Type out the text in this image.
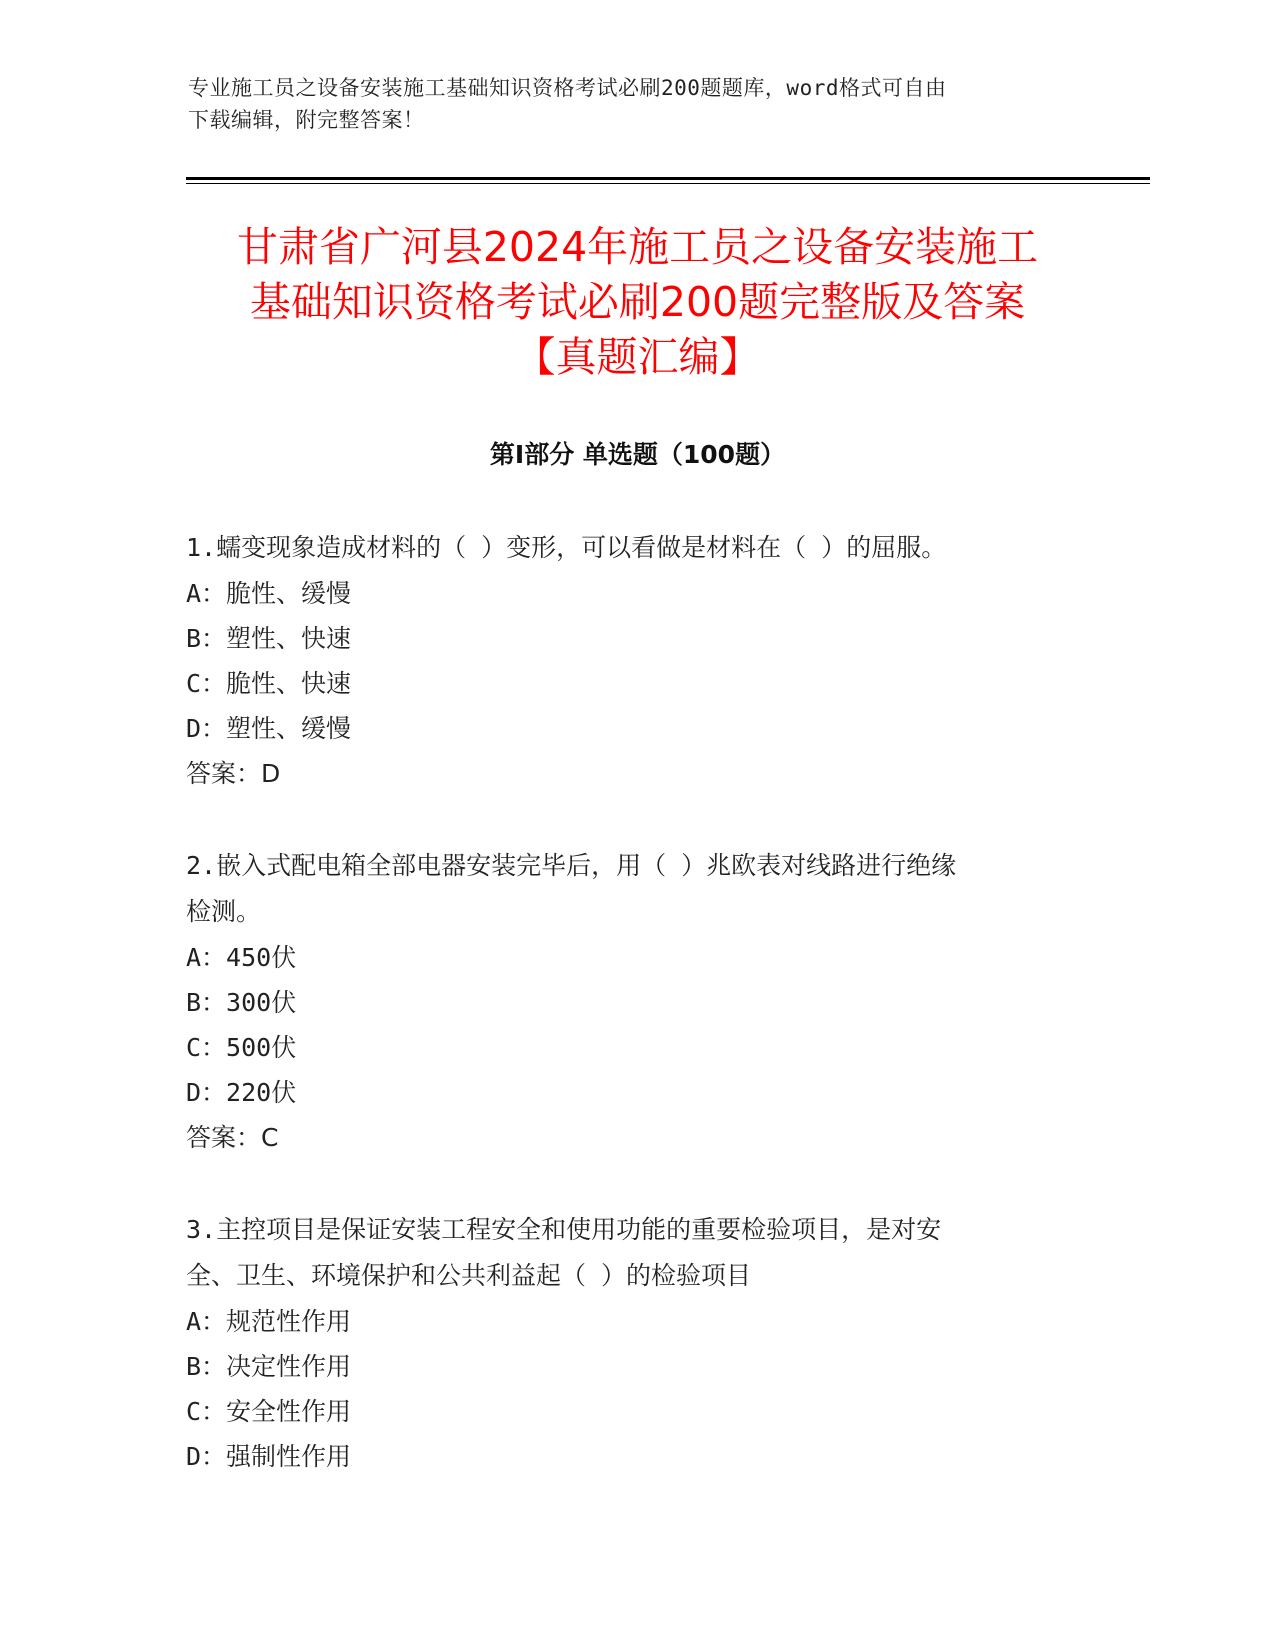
专业施工员之设备安装施工基础知识资格考试必刷200题题库，word格式可自由
下载编辑，附完整答案！
甘肃省广河县2024年施工员之设备安装施工
基础知识资格考试必刷200题完整版及答案
【真题汇编】
第Ⅰ部分 单选题（100题）

1.蠕变现象造成材料的（ ）变形，可以看做是材料在（ ）的屈服。

A：脆性、缓慢

B：塑性、快速

C：脆性、快速

D：塑性、缓慢

答案：D

2.嵌入式配电箱全部电器安装完毕后，用（ ）兆欧表对线路进行绝缘

检测。

A：450伏

B：300伏

C：500伏

D：220伏

答案：C

3.主控项目是保证安装工程安全和使用功能的重要检验项目，是对安

全、卫生、环境保护和公共利益起（ ）的检验项目

A：规范性作用

B：决定性作用

C：安全性作用

D：强制性作用
